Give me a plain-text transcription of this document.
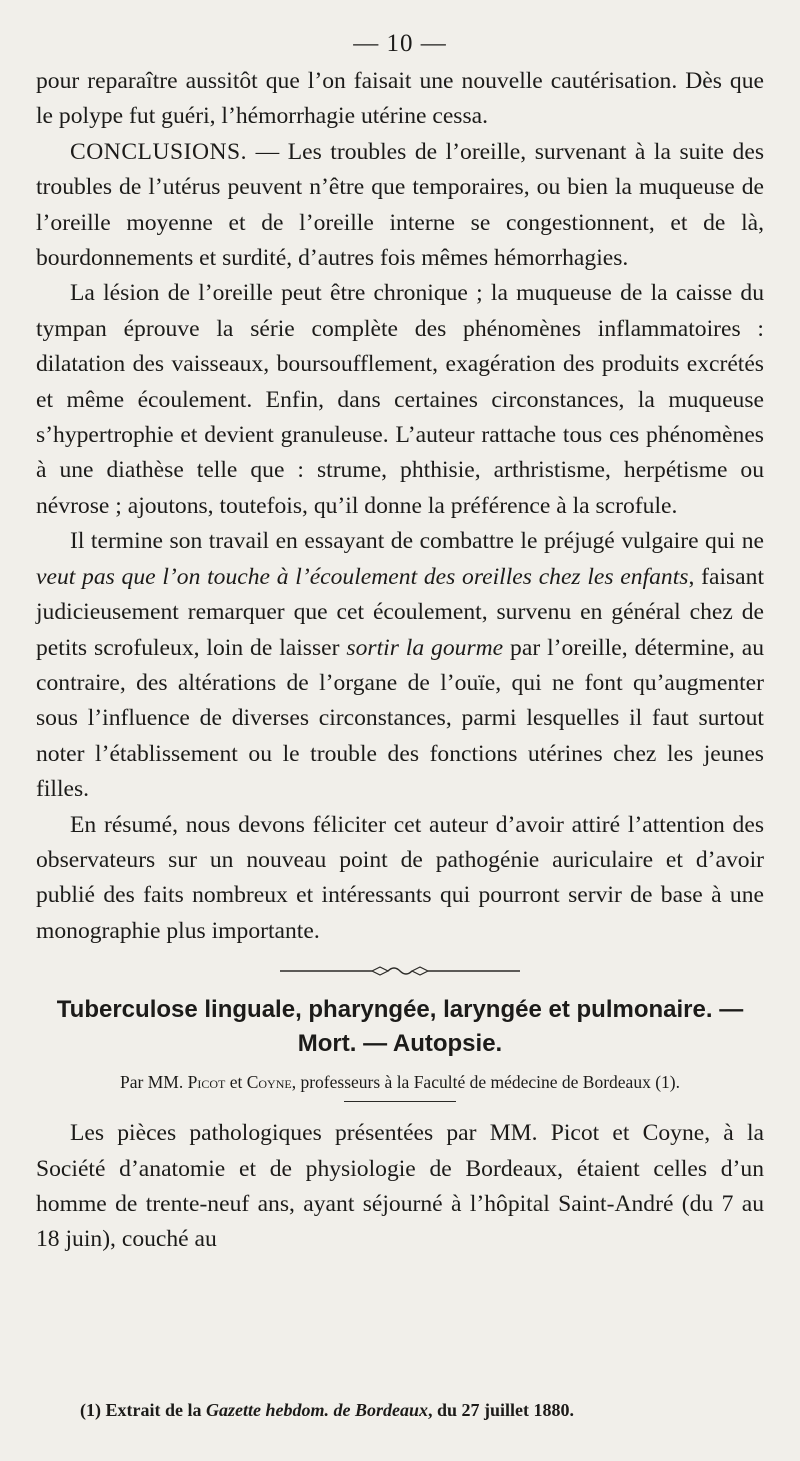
— 10 —

pour reparaître aussitôt que l’on faisait une nouvelle cautérisation. Dès que le polype fut guéri, l’hémorrhagie utérine cessa.

CONCLUSIONS. — Les troubles de l’oreille, survenant à la suite des troubles de l’utérus peuvent n’être que temporaires, ou bien la muqueuse de l’oreille moyenne et de l’oreille interne se congestionnent, et de là, bourdonnements et surdité, d’autres fois mêmes hémorrhagies.

La lésion de l’oreille peut être chronique ; la muqueuse de la caisse du tympan éprouve la série complète des phénomènes inflammatoires : dilatation des vaisseaux, boursoufflement, exagération des produits excrétés et même écoulement. Enfin, dans certaines circonstances, la muqueuse s’hypertrophie et devient granuleuse. L’auteur rattache tous ces phénomènes à une diathèse telle que : strume, phthisie, arthristisme, herpétisme ou névrose ; ajoutons, toutefois, qu’il donne la préférence à la scrofule.

Il termine son travail en essayant de combattre le préjugé vulgaire qui ne veut pas que l’on touche à l’écoulement des oreilles chez les enfants, faisant judicieusement remarquer que cet écoulement, survenu en général chez de petits scrofuleux, loin de laisser sortir la gourme par l’oreille, détermine, au contraire, des altérations de l’organe de l’ouïe, qui ne font qu’augmenter sous l’influence de diverses circonstances, parmi lesquelles il faut surtout noter l’établissement ou le trouble des fonctions utérines chez les jeunes filles.

En résumé, nous devons féliciter cet auteur d’avoir attiré l’attention des observateurs sur un nouveau point de pathogénie auriculaire et d’avoir publié des faits nombreux et intéressants qui pourront servir de base à une monographie plus importante.

Tuberculose linguale, pharyngée, laryngée et pulmonaire. — Mort. — Autopsie.

Par MM. Picot et Coyne, professeurs à la Faculté de médecine de Bordeaux (1).

Les pièces pathologiques présentées par MM. Picot et Coyne, à la Société d’anatomie et de physiologie de Bordeaux, étaient celles d’un homme de trente-neuf ans, ayant séjourné à l’hôpital Saint-André (du 7 au 18 juin), couché au

(1) Extrait de la Gazette hebdom. de Bordeaux, du 27 juillet 1880.
